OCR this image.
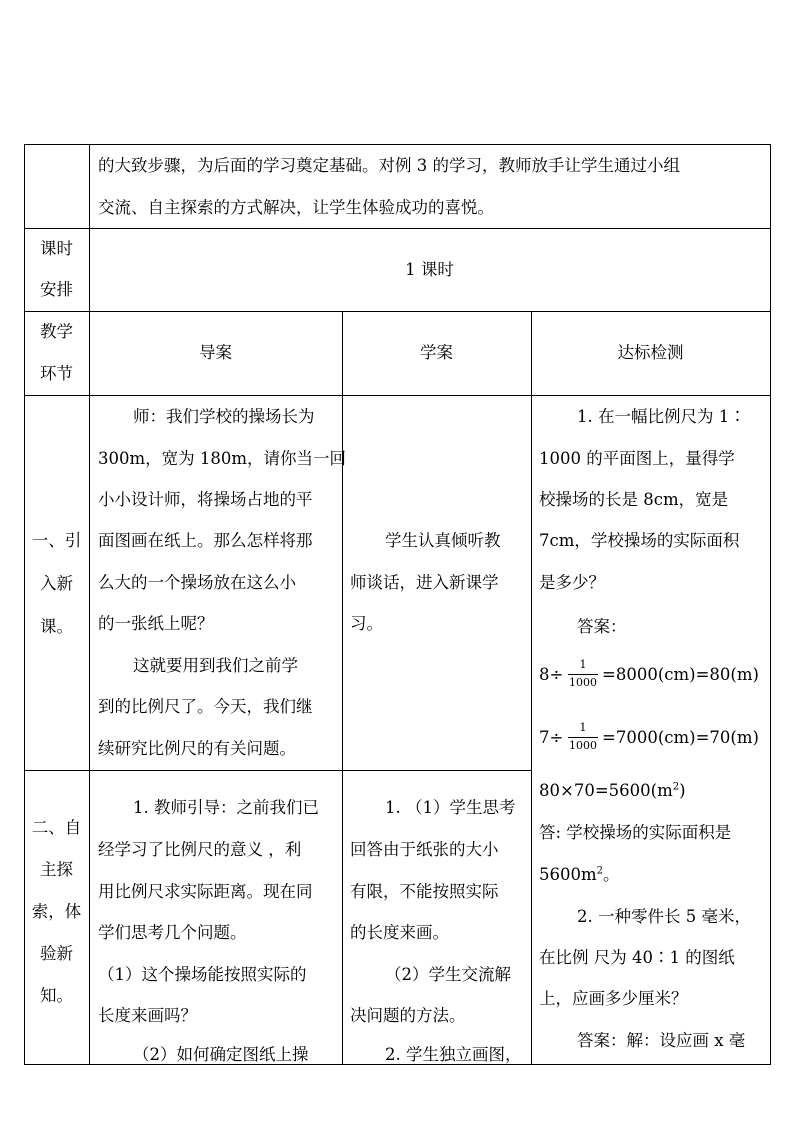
的大致步骤，为后面的学习奠定基础。对例 3 的学习，教师放手让学生通过小组
交流、自主探索的方式解决，让学生体验成功的喜悦。
课时
安排
1 课时
教学
环节
导案	学案	达标检测
一、引
入新
课。
师：我们学校的操场长为
300m，宽为 180m，请你当一回
小小设计师，将操场占地的平
面图画在纸上。那么怎样将那
么大的一个操场放在这么小
的一张纸上呢？
这就要用到我们之前学
到的比例尺了。今天，我们继
续研究比例尺的有关问题。
学生认真倾听教
师谈话，进入新课学
习。
1. 在一幅比例尺为 1∶
1000 的平面图上，量得学
校操场的长是 8cm，宽是
7cm，学校操场的实际面积
是多少？
答案：
8÷
1
1000 =8000(cm)=80(m)
7÷
1
1000 =7000(cm)=70(m)
$80\times 70=5600(m^2)$
答: 学校操场的实际面积是
$5600m^2$。
2. 一种零件长 5 毫米，
在比例 尺为 40∶1 的图纸
上，应画多少厘米？
答案：解：设应画 x 毫
二、自
主探
索，体
验新
知。
1. 教师引导：之前我们已
经学习了比例尺的意义 ，利
用比例尺求实际距离。现在同
学们思考几个问题。
（1）这个操场能按照实际的
长度来画吗？
（2）如何确定图纸上操
1. （1）学生思考
回答由于纸张的大小
有限，不能按照实际
的长度来画。
（2）学生交流解
决问题的方法。
2. 学生独立画图，
